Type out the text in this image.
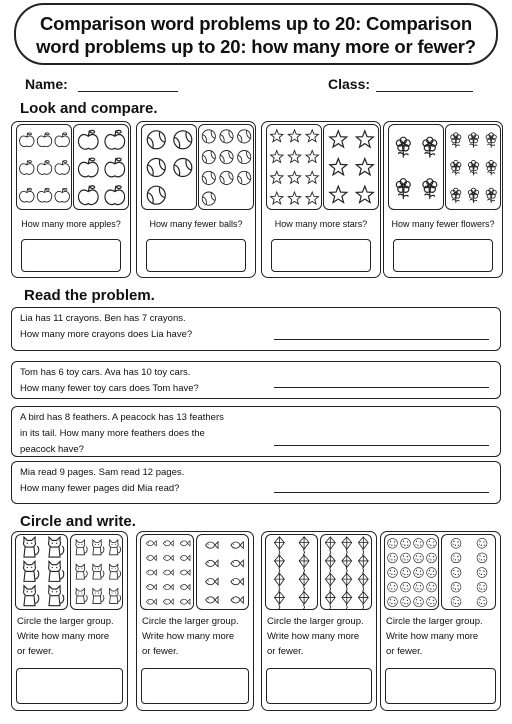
Comparison word problems up to 20: Comparison word problems up to 20: how many more or fewer?
Name:	Class:
Look and compare.
How many more apples?	How many fewer balls?	How many more stars?	How many fewer flowers?
Read the problem.
Lia has 11 crayons. Ben has 7 crayons.
How many more crayons does Lia have?
Tom has 6 toy cars. Ava has 10 toy cars.
How many fewer toy cars does Tom have?
A bird has 8 feathers. A peacock has 13 feathers
in its tail. How many more feathers does the
peacock have?
Mia read 9 pages. Sam read 12 pages.
How many fewer pages did Mia read?
Circle and write.
Circle the larger group.
Write how many more
or fewer.
Circle the larger group.
Write how many more
or fewer.
Circle the larger group.
Write how many more
or fewer.
Circle the larger group.
Write how many more
or fewer.
